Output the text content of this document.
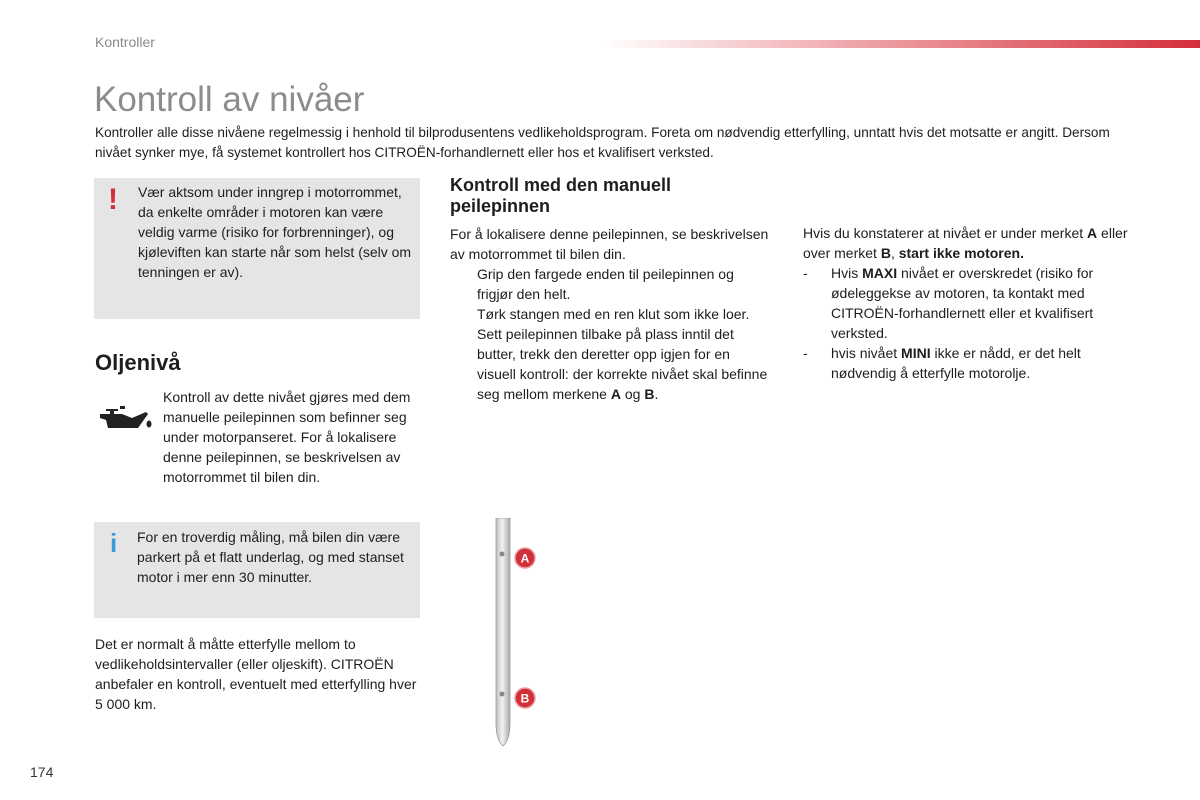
Kontroller
Kontroll av nivåer
Kontroller alle disse nivåene regelmessig i henhold til bilprodusentens vedlikeholdsprogram. Foreta om nødvendig etterfylling, unntatt hvis det motsatte er angitt. Dersom nivået synker mye, få systemet kontrollert hos CITROËN-forhandlernett eller hos et kvalifisert verksted.
! Vær aktsom under inngrep i motorrommet, da enkelte områder i motoren kan være veldig varme (risiko for forbrenninger), og kjøleviften kan starte når som helst (selv om tenningen er av).
Oljenivå
Kontroll av dette nivået gjøres med dem manuelle peilepinnen som befinner seg under motorpanseret. For å lokalisere denne peilepinnen, se beskrivelsen av motorrommet til bilen din.
i For en troverdig måling, må bilen din være parkert på et flatt underlag, og med stanset motor i mer enn 30 minutter.
Det er normalt å måtte etterfylle mellom to vedlikeholdsintervaller (eller oljeskift). CITROËN anbefaler en kontroll, eventuelt med etterfylling hver 5 000 km.
Kontroll med den manuell peilepinnen

For å lokalisere denne peilepinnen, se beskrivelsen av motorrommet til bilen din.

Grip den fargede enden til peilepinnen og frigjør den helt.
Tørk stangen med en ren klut som ikke loer.
Sett peilepinnen tilbake på plass inntil det butter, trekk den deretter opp igjen for en visuell kontroll: der korrekte nivået skal befinne seg mellom merkene A og B.

Hvis du konstaterer at nivået er under merket A eller over merket B, start ikke motoren.

-	Hvis MAXI nivået er overskredet (risiko for ødeleggekse av motoren, ta kontakt med CITROËN-forhandlernett eller et kvalifisert verksted.
-	hvis nivået MINI ikke er nådd, er det helt nødvendig å etterfylle motorolje.
A
B
174
